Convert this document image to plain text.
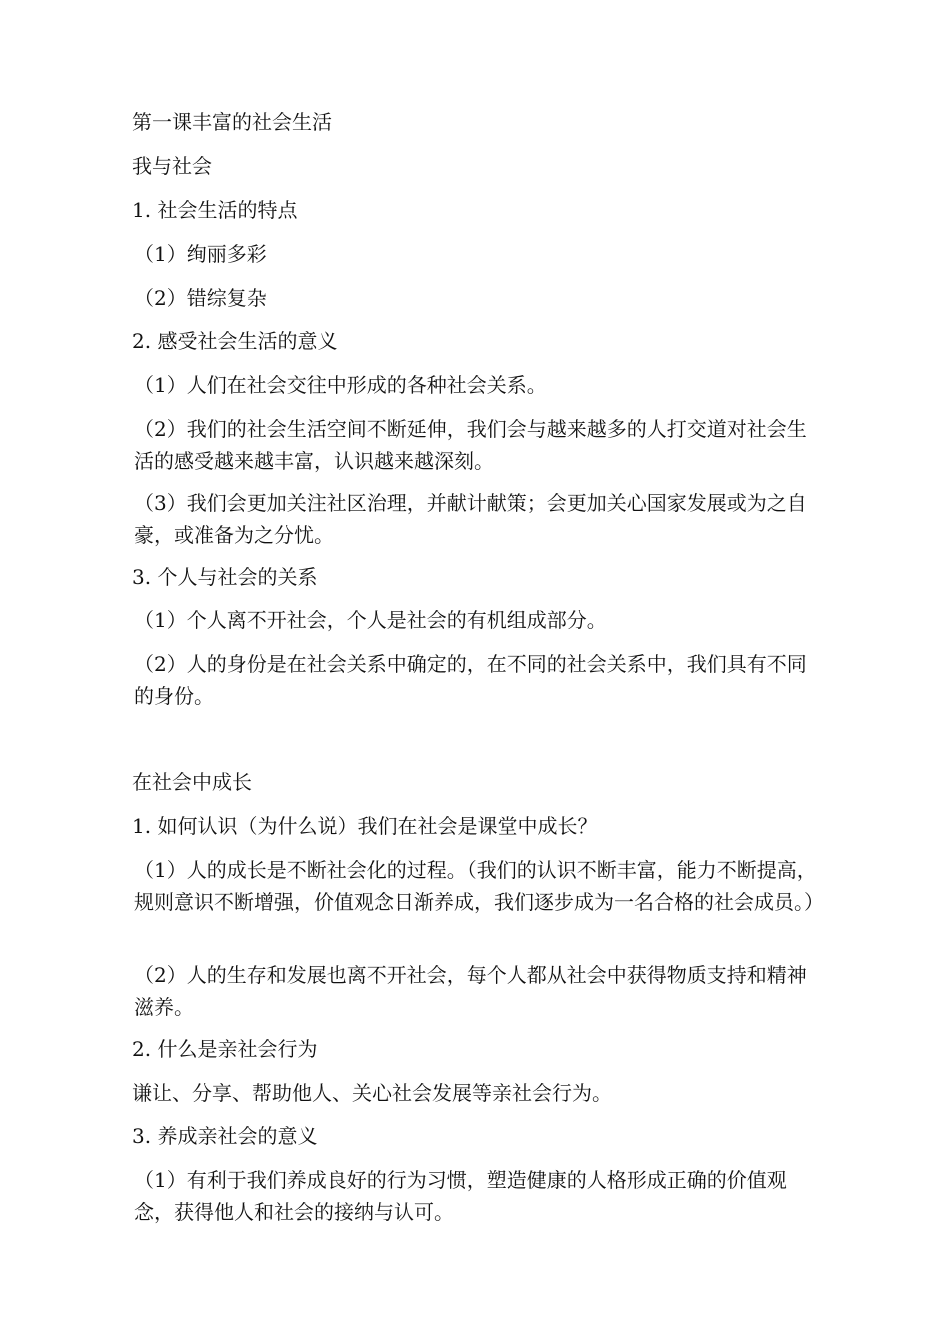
第一课丰富的社会生活

我与社会

1. 社会生活的特点

（1）绚丽多彩

（2）错综复杂

2. 感受社会生活的意义

（1）人们在社会交往中形成的各种社会关系。

（2）我们的社会生活空间不断延伸，我们会与越来越多的人打交道对社会生活的感受越来越丰富，认识越来越深刻。

（3）我们会更加关注社区治理，并献计献策；会更加关心国家发展或为之自豪，或准备为之分忧。

3. 个人与社会的关系

（1）个人离不开社会，个人是社会的有机组成部分。

（2）人的身份是在社会关系中确定的，在不同的社会关系中，我们具有不同的身份。

在社会中成长

1. 如何认识（为什么说）我们在社会是课堂中成长？

（1）人的成长是不断社会化的过程。（我们的认识不断丰富，能力不断提高，规则意识不断增强，价值观念日渐养成，我们逐步成为一名合格的社会成员。）

（2）人的生存和发展也离不开社会，每个人都从社会中获得物质支持和精神滋养。

2. 什么是亲社会行为

谦让、分享、帮助他人、关心社会发展等亲社会行为。

3. 养成亲社会的意义

（1）有利于我们养成良好的行为习惯，塑造健康的人格形成正确的价值观念，获得他人和社会的接纳与认可。
